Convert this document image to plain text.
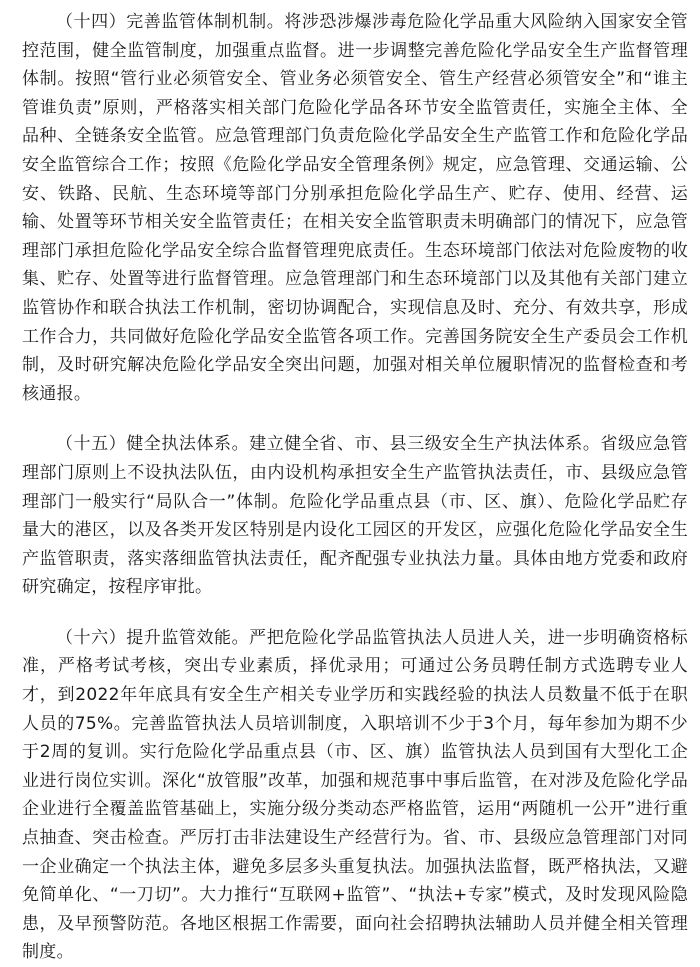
（十四）完善监管体制机制。将涉恐涉爆涉毒危险化学品重大风险纳入国家安全管控范围，健全监管制度，加强重点监督。进一步调整完善危险化学品安全生产监督管理体制。按照“管行业必须管安全、管业务必须管安全、管生产经营必须管安全”和“谁主管谁负责”原则，严格落实相关部门危险化学品各环节安全监管责任，实施全主体、全品种、全链条安全监管。应急管理部门负责危险化学品安全生产监管工作和危险化学品安全监管综合工作；按照《危险化学品安全管理条例》规定，应急管理、交通运输、公安、铁路、民航、生态环境等部门分别承担危险化学品生产、贮存、使用、经营、运输、处置等环节相关安全监管责任；在相关安全监管职责未明确部门的情况下，应急管理部门承担危险化学品安全综合监督管理兜底责任。生态环境部门依法对危险废物的收集、贮存、处置等进行监督管理。应急管理部门和生态环境部门以及其他有关部门建立监管协作和联合执法工作机制，密切协调配合，实现信息及时、充分、有效共享，形成工作合力，共同做好危险化学品安全监管各项工作。完善国务院安全生产委员会工作机制，及时研究解决危险化学品安全突出问题，加强对相关单位履职情况的监督检查和考核通报。

（十五）健全执法体系。建立健全省、市、县三级安全生产执法体系。省级应急管理部门原则上不设执法队伍，由内设机构承担安全生产监管执法责任，市、县级应急管理部门一般实行“局队合一”体制。危险化学品重点县（市、区、旗）、危险化学品贮存量大的港区，以及各类开发区特别是内设化工园区的开发区，应强化危险化学品安全生产监管职责，落实落细监管执法责任，配齐配强专业执法力量。具体由地方党委和政府研究确定，按程序审批。

（十六）提升监管效能。严把危险化学品监管执法人员进人关，进一步明确资格标准，严格考试考核，突出专业素质，择优录用；可通过公务员聘任制方式选聘专业人才，到2022年年底具有安全生产相关专业学历和实践经验的执法人员数量不低于在职人员的75%。完善监管执法人员培训制度，入职培训不少于3个月，每年参加为期不少于2周的复训。实行危险化学品重点县（市、区、旗）监管执法人员到国有大型化工企业进行岗位实训。深化“放管服”改革，加强和规范事中事后监管，在对涉及危险化学品企业进行全覆盖监管基础上，实施分级分类动态严格监管，运用“两随机一公开”进行重点抽查、突击检查。严厉打击非法建设生产经营行为。省、市、县级应急管理部门对同一企业确定一个执法主体，避免多层多头重复执法。加强执法监督，既严格执法，又避免简单化、“一刀切”。大力推行“互联网+监管”、“执法+专家”模式，及时发现风险隐患，及早预警防范。各地区根据工作需要，面向社会招聘执法辅助人员并健全相关管理制度。
